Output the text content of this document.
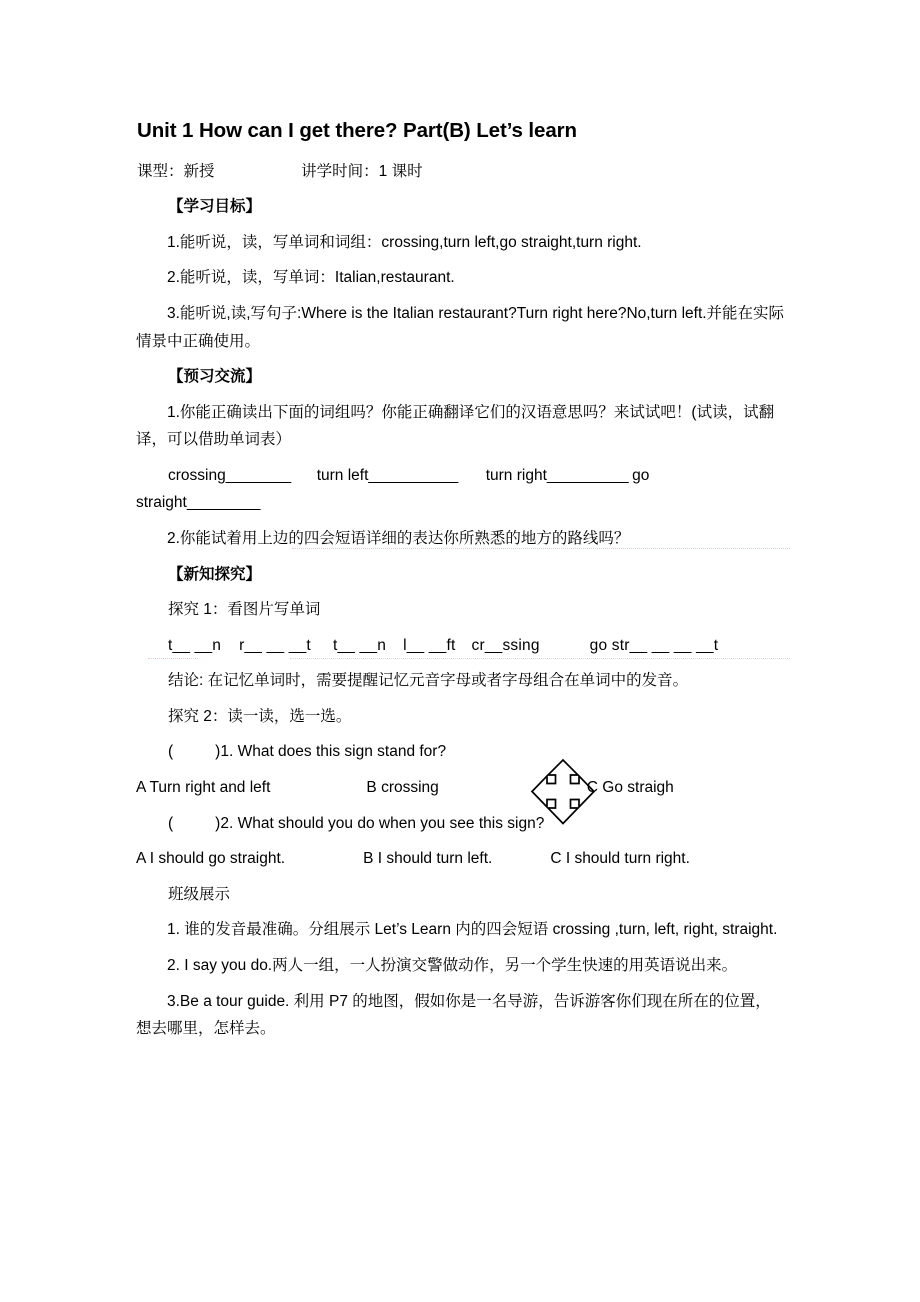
Unit 1 How can I get there? Part(B) Let’s learn

课型：新授	讲学时间：1 课时

【学习目标】

1.能听说，读，写单词和词组：crossing,turn left,go straight,turn right.

2.能听说，读，写单词：Italian,restaurant.

3.能听说,读,写句子:Where is the Italian restaurant?Turn right here?No,turn left.并能在实际情景中正确使用。

【预习交流】

1.你能正确读出下面的词组吗？你能正确翻译它们的汉语意思吗？来试试吧！(试读，试翻译，可以借助单词表）

crossing________ turn left___________ turn right__________ go

straight_________

2.你能试着用上边的四会短语详细的表达你所熟悉的地方的路线吗？

【新知探究】

探究 1：看图片写单词

t__ __n r__ __ __t t__ __n l__ __ft cr__ssing	go str__ __ __ __t

结论: 在记忆单词时，需要提醒记忆元音字母或者字母组合在单词中的发音。

探究 2：读一读，选一选。

(	)1. What does this sign stand for?

A Turn right and left	B crossing	C Go straigh

(	)2. What should you do when you see this sign?

A I should go straight.	B I should turn left.	C I should turn right.

班级展示

1. 谁的发音最准确。分组展示 Let’s Learn 内的四会短语 crossing ,turn, left, right, straight.

2. I say you do.两人一组，一人扮演交警做动作，另一个学生快速的用英语说出来。

3.Be a tour guide. 利用 P7 的地图，假如你是一名导游，告诉游客你们现在所在的位置，想去哪里，怎样去。
